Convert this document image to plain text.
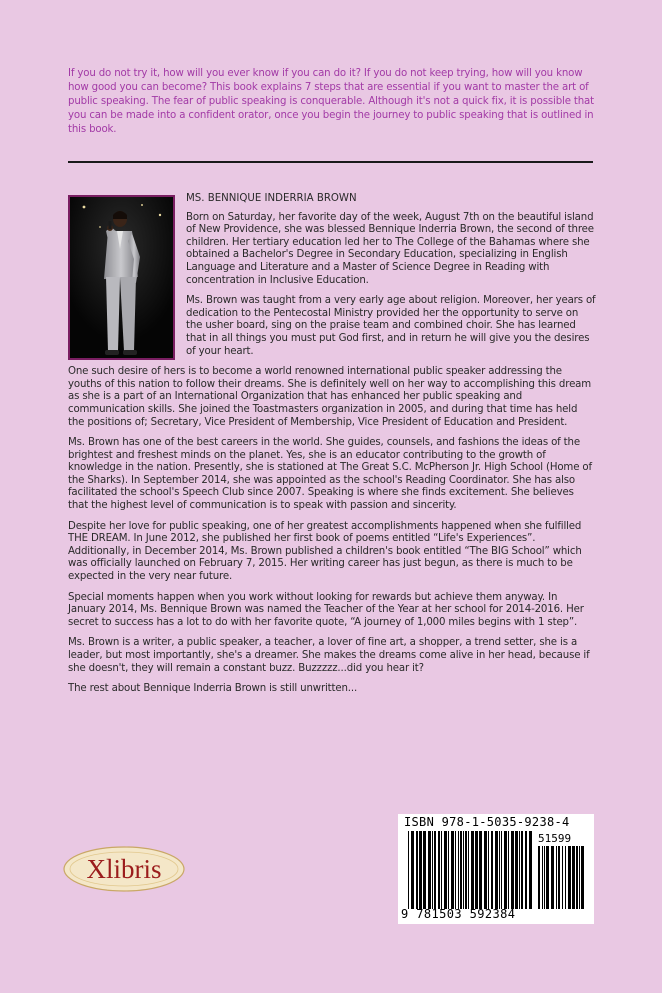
If you do not try it, how will you ever know if you can do it? If you do not keep trying, how will you know how good you can become? This book explains 7 steps that are essential if you want to master the art of public speaking. The fear of public speaking is conquerable. Although it's not a quick fix, it is possible that you can be made into a confident orator, once you begin the journey to public speaking that is outlined in this book.

MS. BENNIQUE INDERRIA BROWN

Born on Saturday, her favorite day of the week, August 7th on the beautiful island of New Providence, she was blessed Bennique Inderria Brown, the second of three children. Her tertiary education led her to The College of the Bahamas where she obtained a Bachelor's Degree in Secondary Education, specializing in English Language and Literature and a Master of Science Degree in Reading with concentration in Inclusive Education.

Ms. Brown was taught from a very early age about religion. Moreover, her years of dedication to the Pentecostal Ministry provided her the opportunity to serve on the usher board, sing on the praise team and combined choir. She has learned that in all things you must put God first, and in return he will give you the desires of your heart.

One such desire of hers is to become a world renowned international public speaker addressing the youths of this nation to follow their dreams. She is definitely well on her way to accomplishing this dream as she is a part of an International Organization that has enhanced her public speaking and communication skills. She joined the Toastmasters organization in 2005, and during that time has held the positions of; Secretary, Vice President of Membership, Vice President of Education and President.

Ms. Brown has one of the best careers in the world. She guides, counsels, and fashions the ideas of the brightest and freshest minds on the planet. Yes, she is an educator contributing to the growth of knowledge in the nation. Presently, she is stationed at The Great S.C. McPherson Jr. High School (Home of the Sharks). In September 2014, she was appointed as the school's Reading Coordinator. She has also facilitated the school's Speech Club since 2007. Speaking is where she finds excitement. She believes that the highest level of communication is to speak with passion and sincerity.

Despite her love for public speaking, one of her greatest accomplishments happened when she fulfilled THE DREAM. In June 2012, she published her first book of poems entitled “Life's Experiences”. Additionally, in December 2014, Ms. Brown published a children's book entitled “The BIG School” which was officially launched on February 7, 2015. Her writing career has just begun, as there is much to be expected in the very near future.

Special moments happen when you work without looking for rewards but achieve them anyway. In January 2014, Ms. Bennique Brown was named the Teacher of the Year at her school for 2014-2016. Her secret to success has a lot to do with her favorite quote, “A journey of 1,000 miles begins with 1 step”.

Ms. Brown is a writer, a public speaker, a teacher, a lover of fine art, a shopper, a trend setter, she is a leader, but most importantly, she's a dreamer. She makes the dreams come alive in her head, because if she doesn't, they will remain a constant buzz. Buzzzzz...did you hear it?

The rest about Bennique Inderria Brown is still unwritten...

Xlibris
ISBN 978-1-5035-9238-4
51599
9 781503 592384
